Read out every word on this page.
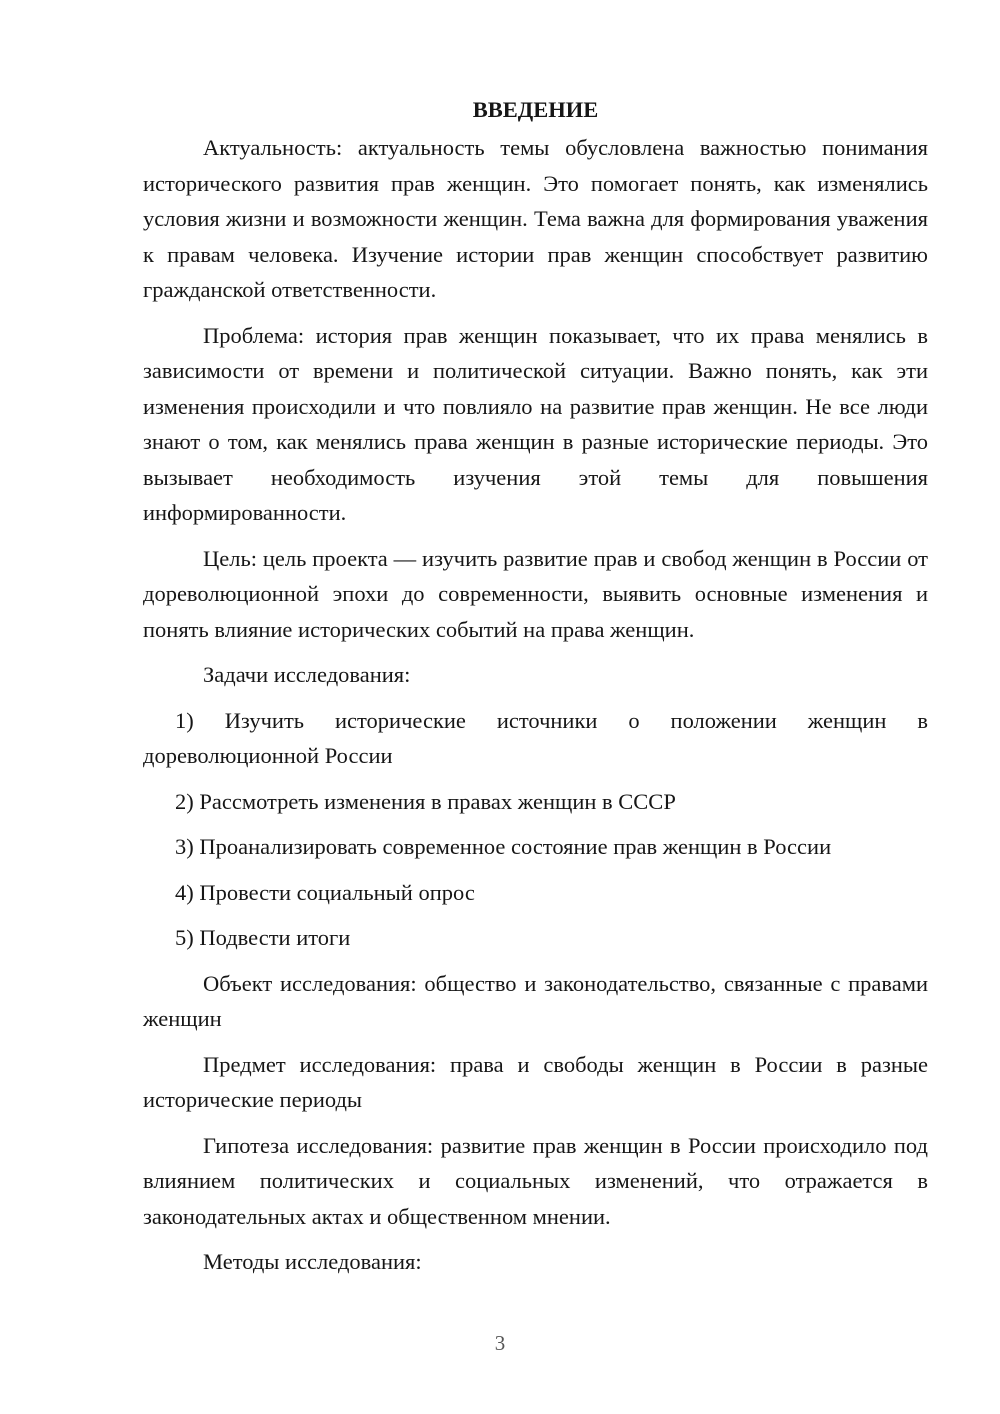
ВВЕДЕНИЕ

Актуальность: актуальность темы обусловлена важностью понимания исторического развития прав женщин. Это помогает понять, как изменялись условия жизни и возможности женщин. Тема важна для формирования уважения к правам человека. Изучение истории прав женщин способствует развитию гражданской ответственности.

Проблема: история прав женщин показывает, что их права менялись в зависимости от времени и политической ситуации. Важно понять, как эти изменения происходили и что повлияло на развитие прав женщин. Не все люди знают о том, как менялись права женщин в разные исторические периоды. Это вызывает необходимость изучения этой темы для повышения информированности.

Цель: цель проекта — изучить развитие прав и свобод женщин в России от дореволюционной эпохи до современности, выявить основные изменения и понять влияние исторических событий на права женщин.

Задачи исследования:

1) Изучить исторические источники о положении женщин в дореволюционной России

2) Рассмотреть изменения в правах женщин в СССР

3) Проанализировать современное состояние прав женщин в России

4) Провести социальный опрос

5) Подвести итоги

Объект исследования: общество и законодательство, связанные с правами женщин

Предмет исследования: права и свободы женщин в России в разные исторические периоды

Гипотеза исследования: развитие прав женщин в России происходило под влиянием политических и социальных изменений, что отражается в законодательных актах и общественном мнении.

Методы исследования:

3
